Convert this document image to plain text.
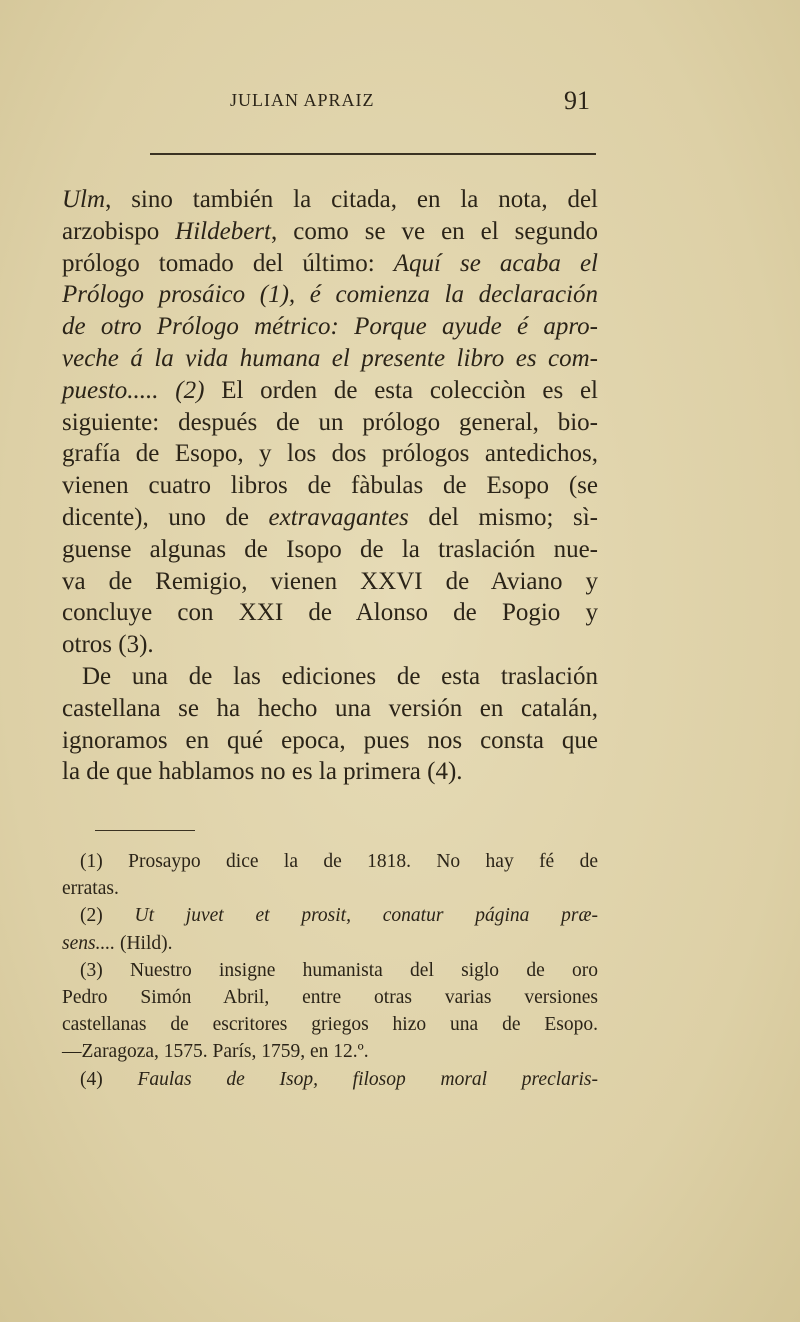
JULIAN APRAIZ	91
Ulm, sino también la citada, en la nota, del
arzobispo Hildebert, como se ve en el segundo
prólogo tomado del último: Aquí se acaba el
Prólogo prosáico (1), é comienza la declaración
de otro Prólogo métrico: Porque ayude é apro-
veche á la vida humana el presente libro es com-
puesto..... (2) El orden de esta colecciòn es el
siguiente: después de un prólogo general, bio-
grafía de Esopo, y los dos prólogos antedichos,
vienen cuatro libros de fàbulas de Esopo (se
dicente), uno de extravagantes del mismo; sì-
guense algunas de Isopo de la traslación nue-
va de Remigio, vienen XXVI de Aviano y
concluye con XXI de Alonso de Pogio y
otros (3).
De una de las ediciones de esta traslación
castellana se ha hecho una versión en catalán,
ignoramos en qué epoca, pues nos consta que
la de que hablamos no es la primera (4).
(1) Prosaypo dice la de 1818. No hay fé de
erratas.
(2) Ut juvet et prosit, conatur página præ-
sens.... (Hild).
(3) Nuestro insigne humanista del siglo de oro
Pedro Simón Abril, entre otras varias versiones
castellanas de escritores griegos hizo una de Esopo.
—Zaragoza, 1575. París, 1759, en 12.º.
(4) Faulas de Isop, filosop moral preclaris-
